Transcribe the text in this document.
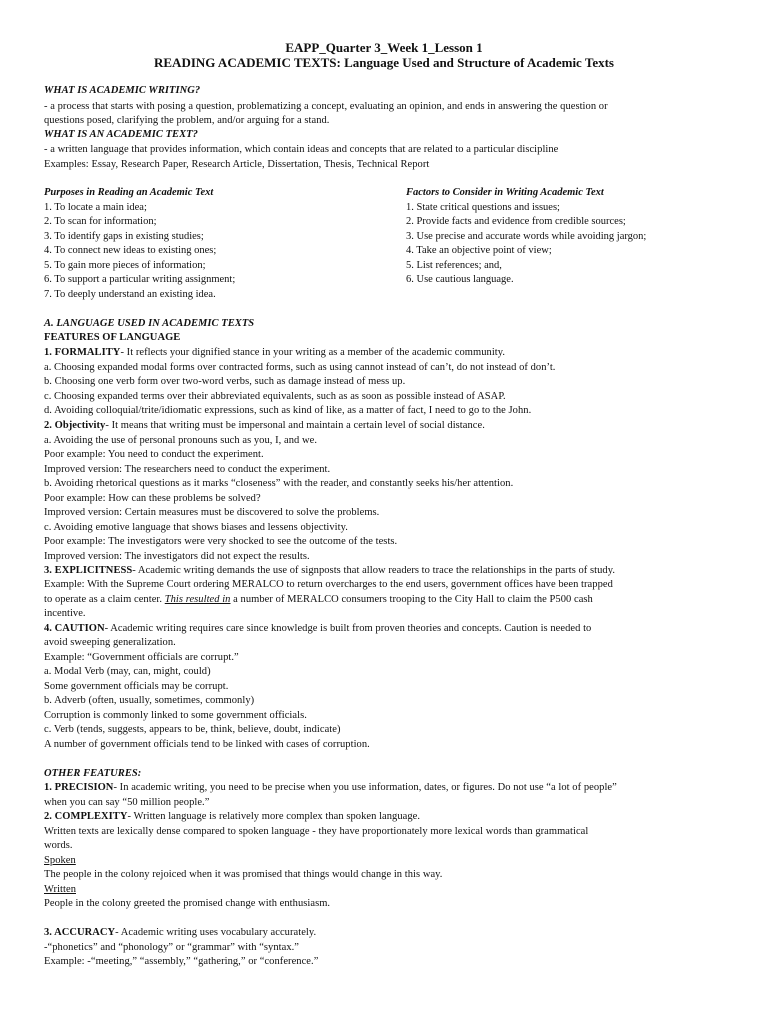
EAPP_Quarter 3_Week 1_Lesson 1
READING ACADEMIC TEXTS: Language Used and Structure of Academic Texts
WHAT IS ACADEMIC WRITING?
- a process that starts with posing a question, problematizing a concept, evaluating an opinion, and ends in answering the question or
questions posed, clarifying the problem, and/or arguing for a stand.
WHAT IS AN ACADEMIC TEXT?
- a written language that provides information, which contain ideas and concepts that are related to a particular discipline
Examples: Essay, Research Paper, Research Article, Dissertation, Thesis, Technical Report
Purposes in Reading an Academic Text
1. To locate a main idea;
2. To scan for information;
3. To identify gaps in existing studies;
4. To connect new ideas to existing ones;
5. To gain more pieces of information;
6. To support a particular writing assignment;
7. To deeply understand an existing idea.
Factors to Consider in Writing Academic Text
1. State critical questions and issues;
2. Provide facts and evidence from credible sources;
3. Use precise and accurate words while avoiding jargon;
4. Take an objective point of view;
5. List references; and,
6. Use cautious language.
A. LANGUAGE USED IN ACADEMIC TEXTS
FEATURES OF LANGUAGE
1. FORMALITY- It reflects your dignified stance in your writing as a member of the academic community.
a. Choosing expanded modal forms over contracted forms, such as using cannot instead of can’t, do not instead of don’t.
b. Choosing one verb form over two-word verbs, such as damage instead of mess up.
c. Choosing expanded terms over their abbreviated equivalents, such as as soon as possible instead of ASAP.
d. Avoiding colloquial/trite/idiomatic expressions, such as kind of like, as a matter of fact, I need to go to the John.
2. Objectivity- It means that writing must be impersonal and maintain a certain level of social distance.
a. Avoiding the use of personal pronouns such as you, I, and we.
Poor example: You need to conduct the experiment.
Improved version: The researchers need to conduct the experiment.
b. Avoiding rhetorical questions as it marks “closeness” with the reader, and constantly seeks his/her attention.
Poor example: How can these problems be solved?
Improved version: Certain measures must be discovered to solve the problems.
c. Avoiding emotive language that shows biases and lessens objectivity.
Poor example: The investigators were very shocked to see the outcome of the tests.
Improved version: The investigators did not expect the results.
3. EXPLICITNESS- Academic writing demands the use of signposts that allow readers to trace the relationships in the parts of study.
Example: With the Supreme Court ordering MERALCO to return overcharges to the end users, government offices have been trapped
to operate as a claim center. This resulted in a number of MERALCO consumers trooping to the City Hall to claim the P500 cash
incentive.
4. CAUTION- Academic writing requires care since knowledge is built from proven theories and concepts. Caution is needed to
avoid sweeping generalization.
Example: “Government officials are corrupt.”
a. Modal Verb (may, can, might, could)
Some government officials may be corrupt.
b. Adverb (often, usually, sometimes, commonly)
Corruption is commonly linked to some government officials.
c. Verb (tends, suggests, appears to be, think, believe, doubt, indicate)
A number of government officials tend to be linked with cases of corruption.
OTHER FEATURES:
1. PRECISION- In academic writing, you need to be precise when you use information, dates, or figures. Do not use “a lot of people”
when you can say “50 million people.”
2. COMPLEXITY- Written language is relatively more complex than spoken language.
Written texts are lexically dense compared to spoken language - they have proportionately more lexical words than grammatical
words.
Spoken
The people in the colony rejoiced when it was promised that things would change in this way.
Written
People in the colony greeted the promised change with enthusiasm.
3. ACCURACY- Academic writing uses vocabulary accurately.
-“phonetics” and “phonology” or “grammar” with “syntax.”
Example: -“meeting,” “assembly,” “gathering,” or “conference.”
